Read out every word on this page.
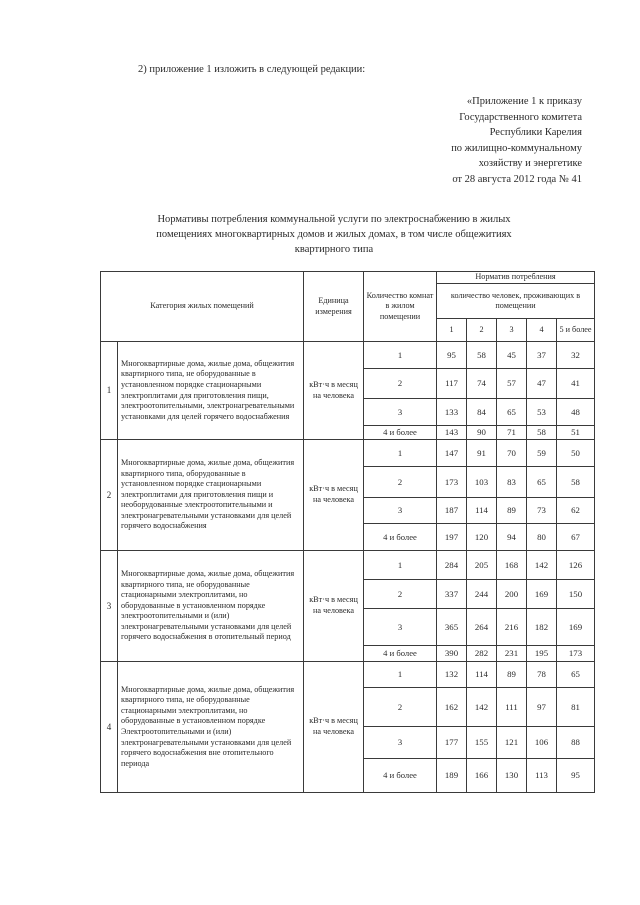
2) приложение 1 изложить в следующей редакции:
«Приложение 1 к приказу
Государственного комитета
Республики Карелия
по жилищно-коммунальному
хозяйству и энергетике
от 28 августа 2012 года № 41
Нормативы потребления коммунальной услуги по электроснабжению в жилых
помещениях многоквартирных домов и жилых домах, в том числе общежитиях
квартирного типа
Категория жилых помещений		Единица измерения	Количество комнат в жилом помещении	Норматив потребления				
				количество человек, проживающих в помещении				
				1	2	3	4	5 и более
1	Многоквартирные дома, жилые дома, общежития квартирного типа, не оборудованные в установленном порядке стационарными электроплитами для приготовления пищи, электроотопительными, электронагревательными установками для целей горячего водоснабжения	кВт·ч в месяц на человека	1	95	58	45	37	32
			2	117	74	57	47	41
			3	133	84	65	53	48
			4 и более	143	90	71	58	51
2	Многоквартирные дома, жилые дома, общежития квартирного типа, оборудованные в установленном порядке стационарными электроплитами для приготовления пищи и необорудованные электроотопительными и электронагревательными установками для целей горячего водоснабжения	кВт·ч в месяц на человека	1	147	91	70	59	50
			2	173	103	83	65	58
			3	187	114	89	73	62
			4 и более	197	120	94	80	67
3	Многоквартирные дома, жилые дома, общежития квартирного типа, не оборудованные стационарными электроплитами, но оборудованные в установленном порядке электроотопительными и (или) электронагревательными установками для целей горячего водоснабжения в отопительный период	кВт·ч в месяц на человека	1	284	205	168	142	126
			2	337	244	200	169	150
			3	365	264	216	182	169
			4 и более	390	282	231	195	173
4	Многоквартирные дома, жилые дома, общежития квартирного типа, не оборудованные стационарными электроплитами, но оборудованные в установленном порядке Электроотопительными и (или) электронагревательными установками для целей горячего водоснабжения вне отопительного периода	кВт·ч в месяц на человека	1	132	114	89	78	65
			2	162	142	111	97	81
			3	177	155	121	106	88
			4 и более	189	166	130	113	95
